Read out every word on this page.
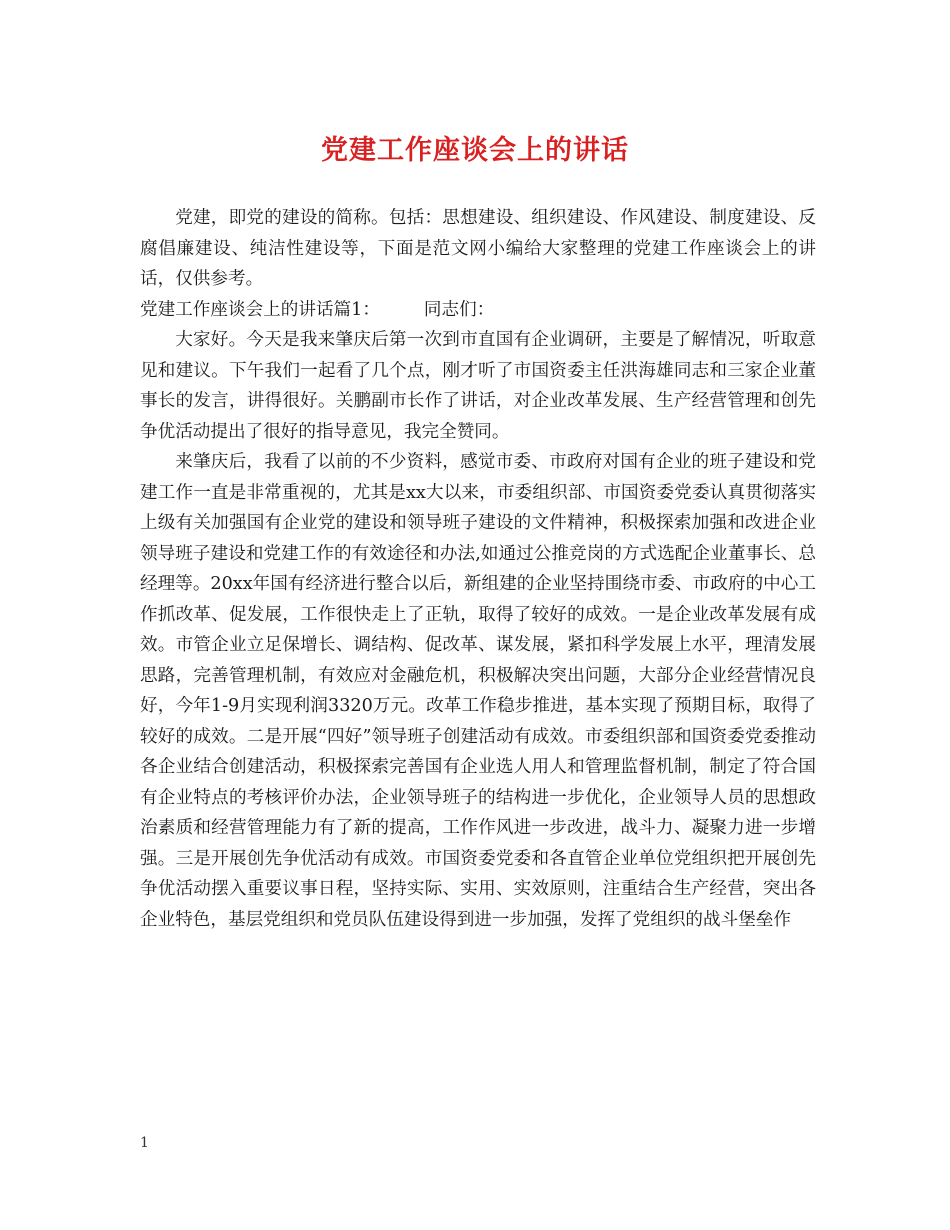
党建工作座谈会上的讲话

党建，即党的建设的简称。包括：思想建设、组织建设、作风建设、制度建设、反腐倡廉建设、纯洁性建设等，下面是范文网小编给大家整理的党建工作座谈会上的讲话，仅供参考。

党建工作座谈会上的讲话篇1：	同志们：

大家好。今天是我来肇庆后第一次到市直国有企业调研，主要是了解情况，听取意见和建议。下午我们一起看了几个点，刚才听了市国资委主任洪海雄同志和三家企业董事长的发言，讲得很好。关鹏副市长作了讲话，对企业改革发展、生产经营管理和创先争优活动提出了很好的指导意见，我完全赞同。

来肇庆后，我看了以前的不少资料，感觉市委、市政府对国有企业的班子建设和党建工作一直是非常重视的，尤其是xx大以来，市委组织部、市国资委党委认真贯彻落实上级有关加强国有企业党的建设和领导班子建设的文件精神，积极探索加强和改进企业领导班子建设和党建工作的有效途径和办法,如通过公推竞岗的方式选配企业董事长、总经理等。20xx年国有经济进行整合以后，新组建的企业坚持围绕市委、市政府的中心工作抓改革、促发展，工作很快走上了正轨，取得了较好的成效。一是企业改革发展有成效。市管企业立足保增长、调结构、促改革、谋发展，紧扣科学发展上水平，理清发展思路，完善管理机制，有效应对金融危机，积极解决突出问题，大部分企业经营情况良好，今年1-9月实现利润3320万元。改革工作稳步推进，基本实现了预期目标，取得了较好的成效。二是开展“四好”领导班子创建活动有成效。市委组织部和国资委党委推动各企业结合创建活动，积极探索完善国有企业选人用人和管理监督机制，制定了符合国有企业特点的考核评价办法，企业领导班子的结构进一步优化，企业领导人员的思想政治素质和经营管理能力有了新的提高，工作作风进一步改进，战斗力、凝聚力进一步增强。三是开展创先争优活动有成效。市国资委党委和各直管企业单位党组织把开展创先争优活动摆入重要议事日程，坚持实际、实用、实效原则，注重结合生产经营，突出各企业特色，基层党组织和党员队伍建设得到进一步加强，发挥了党组织的战斗堡垒作

1
